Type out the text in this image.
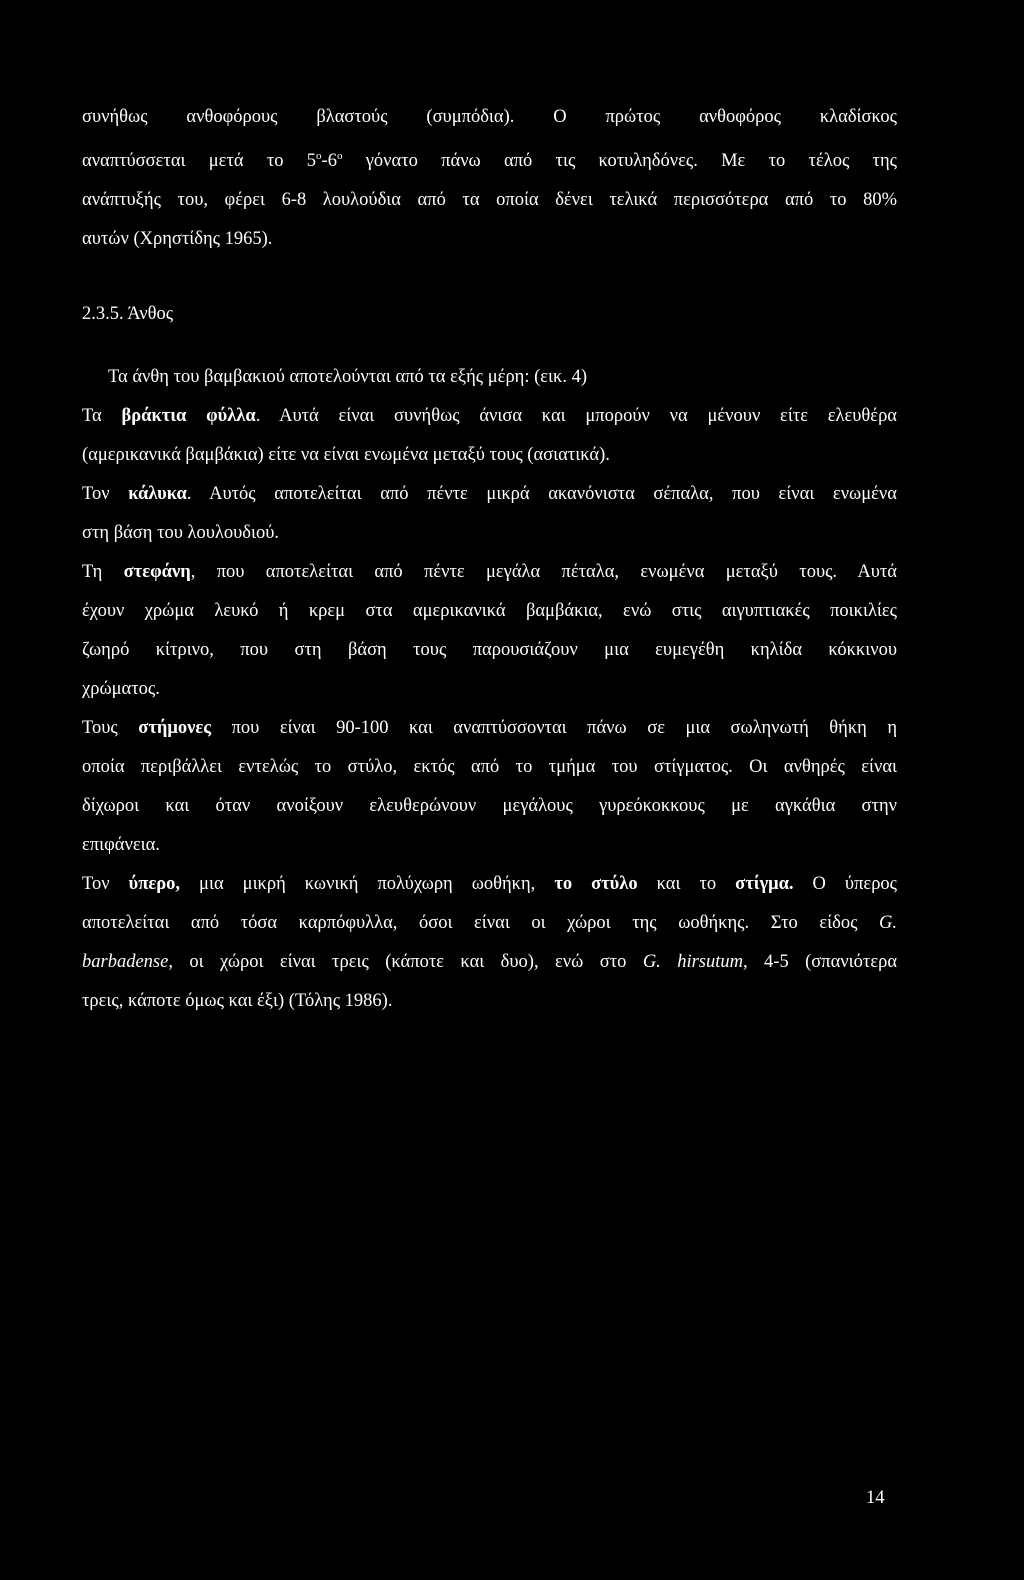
συνήθως ανθοφόρους βλαστούς (συμπόδια). Ο πρώτος ανθοφόρος κλαδίσκος

αναπτύσσεται μετά το $5^o-6^o$ γόνατο πάνω από τις κοτυληδόνες. Με το τέλος της

ανάπτυξής του, φέρει 6-8 λουλούδια από τα οποία δένει τελικά περισσότερα από το 80%

αυτών (Χρηστίδης 1965).

2.3.5. Άνθος

Τα άνθη του βαμβακιού αποτελούνται από τα εξής μέρη: (εικ. 4)

Τα βράκτια φύλλα. Αυτά είναι συνήθως άνισα και μπορούν να μένουν είτε ελευθέρα

(αμερικανικά βαμβάκια) είτε να είναι ενωμένα μεταξύ τους (ασιατικά).

Τον κάλυκα. Αυτός αποτελείται από πέντε μικρά ακανόνιστα σέπαλα, που είναι ενωμένα

στη βάση του λουλουδιού.

Τη στεφάνη, που αποτελείται από πέντε μεγάλα πέταλα, ενωμένα μεταξύ τους. Αυτά

έχουν χρώμα λευκό ή κρεμ στα αμερικανικά βαμβάκια, ενώ στις αιγυπτιακές ποικιλίες

ζωηρό κίτρινο, που στη βάση τους παρουσιάζουν μια ευμεγέθη κηλίδα κόκκινου

χρώματος.

Τους στήμονες που είναι 90-100 και αναπτύσσονται πάνω σε μια σωληνωτή θήκη η

οποία περιβάλλει εντελώς το στύλο, εκτός από το τμήμα του στίγματος. Οι ανθηρές είναι

δίχωροι και όταν ανοίξουν ελευθερώνουν μεγάλους γυρεόκοκκους με αγκάθια στην

επιφάνεια.

Τον ύπερο, μια μικρή κωνική πολύχωρη ωοθήκη, το στύλο και το στίγμα. Ο ύπερος

αποτελείται από τόσα καρπόφυλλα, όσοι είναι οι χώροι της ωοθήκης. Στο είδος G.

barbadense, οι χώροι είναι τρεις (κάποτε και δυο), ενώ στο G. hirsutum, 4-5 (σπανιότερα

τρεις, κάποτε όμως και έξι) (Τόλης 1986).

14
